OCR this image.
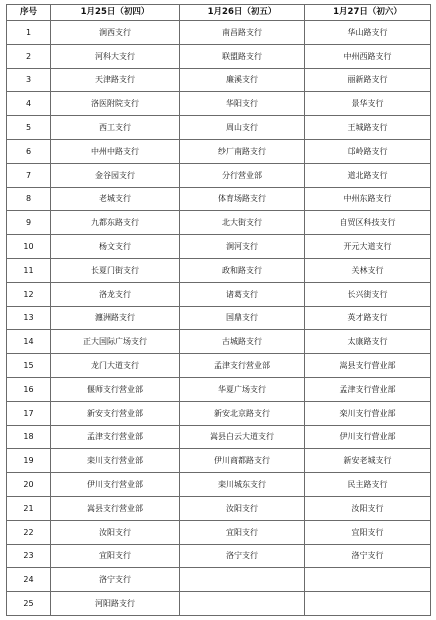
序号	1月25日（初四）	1月26日（初五）	1月27日（初六）
1	涧西支行	南昌路支行	华山路支行
2	河科大支行	联盟路支行	中州西路支行
3	天津路支行	廉溪支行	丽新路支行
4	洛医附院支行	华阳支行	景华支行
5	西工支行	周山支行	王城路支行
6	中州中路支行	纱厂南路支行	邙岭路支行
7	金谷园支行	分行营业部	道北路支行
8	老城支行	体育场路支行	中州东路支行
9	九都东路支行	北大街支行	自贸区科技支行
10	杨文支行	涧河支行	开元大道支行
11	长夏门街支行	政和路支行	关林支行
12	洛龙支行	诸葛支行	长兴街支行
13	瀍洲路支行	国鼎支行	英才路支行
14	正大国际广场支行	古城路支行	太康路支行
15	龙门大道支行	孟津支行营业部	嵩县支行营业部
16	偃师支行营业部	华夏广场支行	孟津支行营业部
17	新安支行营业部	新安北京路支行	栾川支行营业部
18	孟津支行营业部	嵩县白云大道支行	伊川支行营业部
19	栾川支行营业部	伊川商都路支行	新安老城支行
20	伊川支行营业部	栾川城东支行	民主路支行
21	嵩县支行营业部	汝阳支行	汝阳支行
22	汝阳支行	宜阳支行	宜阳支行
23	宜阳支行	洛宁支行	洛宁支行
24	洛宁支行		
25	河阳路支行		
